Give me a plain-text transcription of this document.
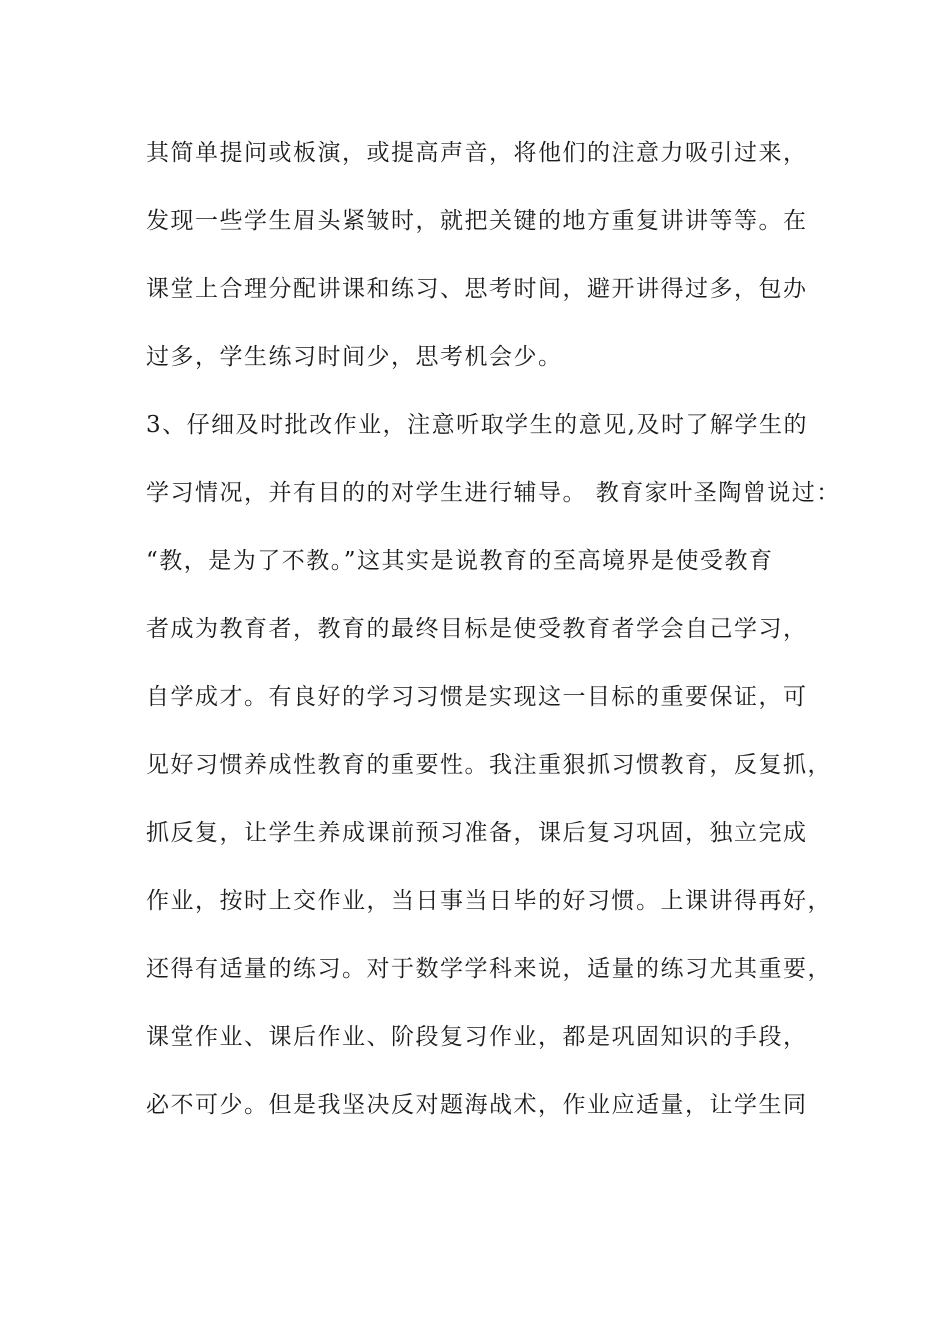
其简单提问或板演，或提高声音，将他们的注意力吸引过来，
发现一些学生眉头紧皱时，就把关键的地方重复讲讲等等。在
课堂上合理分配讲课和练习、思考时间，避开讲得过多，包办
过多，学生练习时间少，思考机会少。
3、仔细及时批改作业，注意听取学生的意见,及时了解学生的
学习情况，并有目的的对学生进行辅导。 教育家叶圣陶曾说过：
“教，是为了不教。”这其实是说教育的至高境界是使受教育
者成为教育者，教育的最终目标是使受教育者学会自己学习，
自学成才。有良好的学习习惯是实现这一目标的重要保证，可
见好习惯养成性教育的重要性。我注重狠抓习惯教育，反复抓，
抓反复，让学生养成课前预习准备，课后复习巩固，独立完成
作业，按时上交作业，当日事当日毕的好习惯。上课讲得再好，
还得有适量的练习。对于数学学科来说，适量的练习尤其重要，
课堂作业、课后作业、阶段复习作业，都是巩固知识的手段，
必不可少。但是我坚决反对题海战术，作业应适量，让学生同
